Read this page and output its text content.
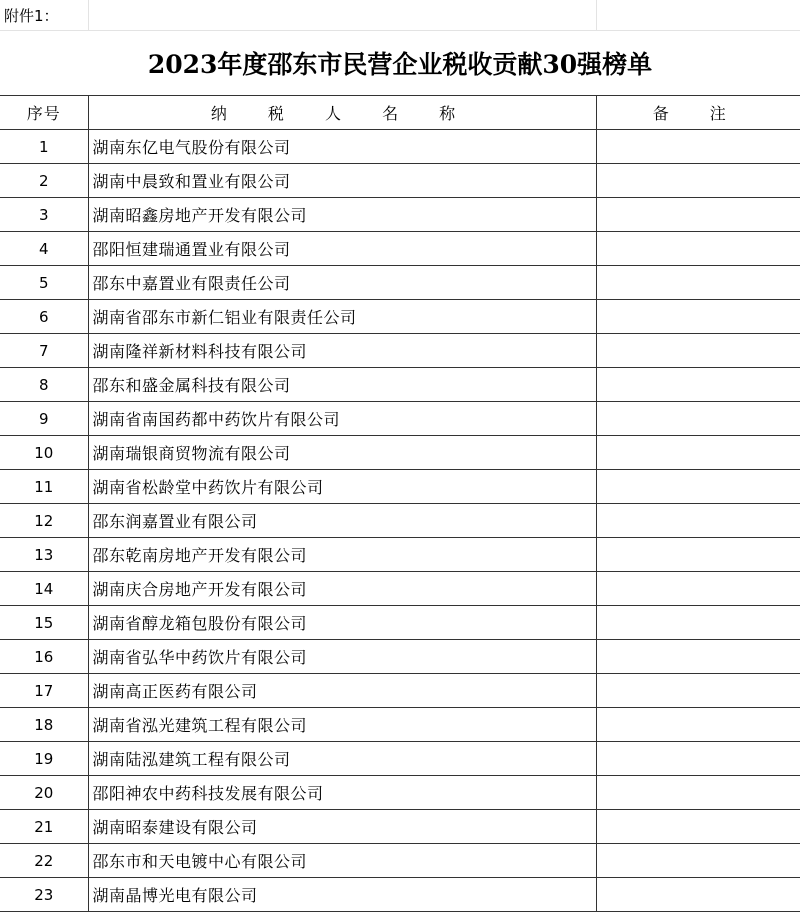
附件1：		
2023年度邵东市民营企业税收贡献30强榜单		
序号	纳 税 人 名 称	备 注
1	湖南东亿电气股份有限公司	
2	湖南中晨致和置业有限公司	
3	湖南昭鑫房地产开发有限公司	
4	邵阳恒建瑞通置业有限公司	
5	邵东中嘉置业有限责任公司	
6	湖南省邵东市新仁铝业有限责任公司	
7	湖南隆祥新材料科技有限公司	
8	邵东和盛金属科技有限公司	
9	湖南省南国药都中药饮片有限公司	
10	湖南瑞银商贸物流有限公司	
11	湖南省松龄堂中药饮片有限公司	
12	邵东润嘉置业有限公司	
13	邵东乾南房地产开发有限公司	
14	湖南庆合房地产开发有限公司	
15	湖南省醇龙箱包股份有限公司	
16	湖南省弘华中药饮片有限公司	
17	湖南高正医药有限公司	
18	湖南省泓光建筑工程有限公司	
19	湖南陆泓建筑工程有限公司	
20	邵阳神农中药科技发展有限公司	
21	湖南昭泰建设有限公司	
22	邵东市和天电镀中心有限公司	
23	湖南晶博光电有限公司	
